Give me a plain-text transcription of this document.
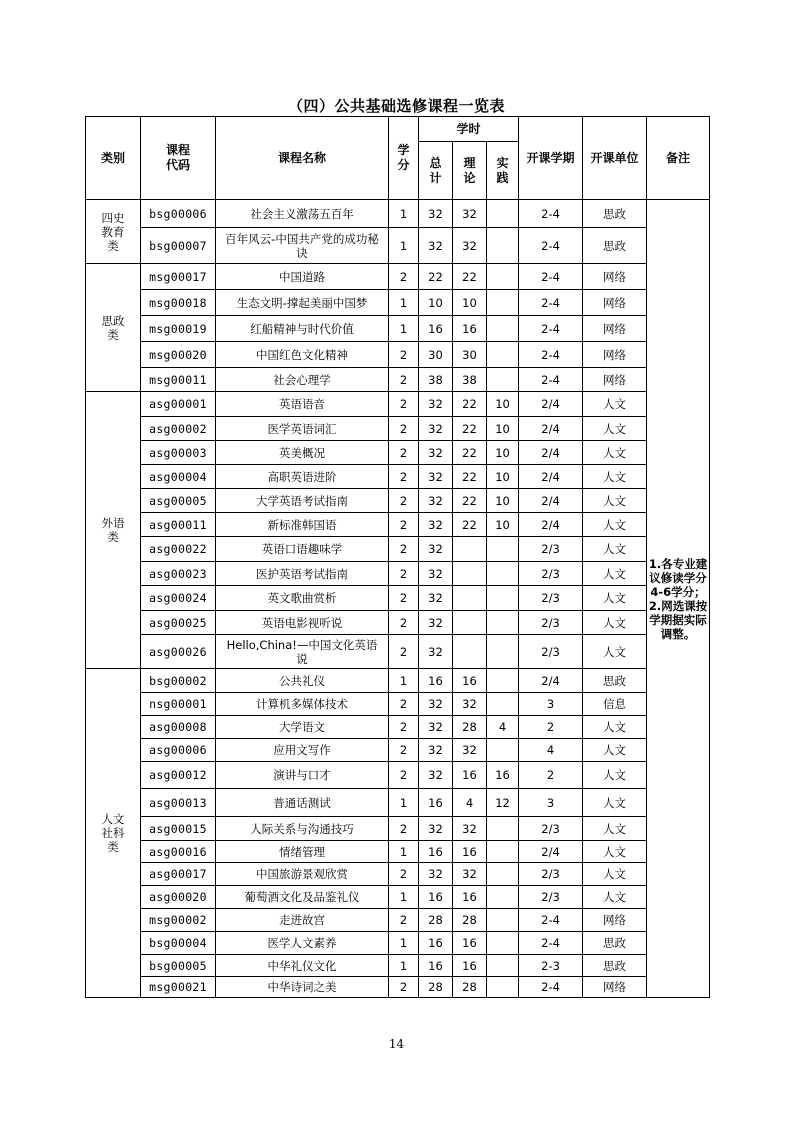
（四）公共基础选修课程一览表
类别	课程代码	课程名称	学分	学时			开课学期	开课单位	备注
				总计	理论	实践			
四史教育类	bsg00006	社会主义激荡五百年	1	32	32		2-4	思政	1.各专业建议修读学分4-6学分；2.网选课按学期据实际调整。
	bsg00007	百年风云-中国共产党的成功秘诀	1	32	32		2-4	思政	
思政类	msg00017	中国道路	2	22	22		2-4	网络	
	msg00018	生态文明-撑起美丽中国梦	1	10	10		2-4	网络	
	msg00019	红船精神与时代价值	1	16	16		2-4	网络	
	msg00020	中国红色文化精神	2	30	30		2-4	网络	
	msg00011	社会心理学	2	38	38		2-4	网络	
外语类	asg00001	英语语音	2	32	22	10	2/4	人文	
	asg00002	医学英语词汇	2	32	22	10	2/4	人文	
	asg00003	英美概况	2	32	22	10	2/4	人文	
	asg00004	高职英语进阶	2	32	22	10	2/4	人文	
	asg00005	大学英语考试指南	2	32	22	10	2/4	人文	
	asg00011	新标准韩国语	2	32	22	10	2/4	人文	
	asg00022	英语口语趣味学	2	32			2/3	人文	
	asg00023	医护英语考试指南	2	32			2/3	人文	
	asg00024	英文歌曲赏析	2	32			2/3	人文	
	asg00025	英语电影视听说	2	32			2/3	人文	
	asg00026	Hello,China!—中国文化英语说	2	32			2/3	人文	
人文社科类	bsg00002	公共礼仪	1	16	16		2/4	思政	
	nsg00001	计算机多媒体技术	2	32	32		3	信息	
	asg00008	大学语文	2	32	28	4	2	人文	
	asg00006	应用文写作	2	32	32		4	人文	
	asg00012	演讲与口才	2	32	16	16	2	人文	
	asg00013	普通话测试	1	16	4	12	3	人文	
	asg00015	人际关系与沟通技巧	2	32	32		2/3	人文	
	asg00016	情绪管理	1	16	16		2/4	人文	
	asg00017	中国旅游景观欣赏	2	32	32		2/3	人文	
	asg00020	葡萄酒文化及品鉴礼仪	1	16	16		2/3	人文	
	msg00002	走进故宫	2	28	28		2-4	网络	
	bsg00004	医学人文素养	1	16	16		2-4	思政	
	bsg00005	中华礼仪文化	1	16	16		2-3	思政	
	msg00021	中华诗词之美	2	28	28		2-4	网络	
14
